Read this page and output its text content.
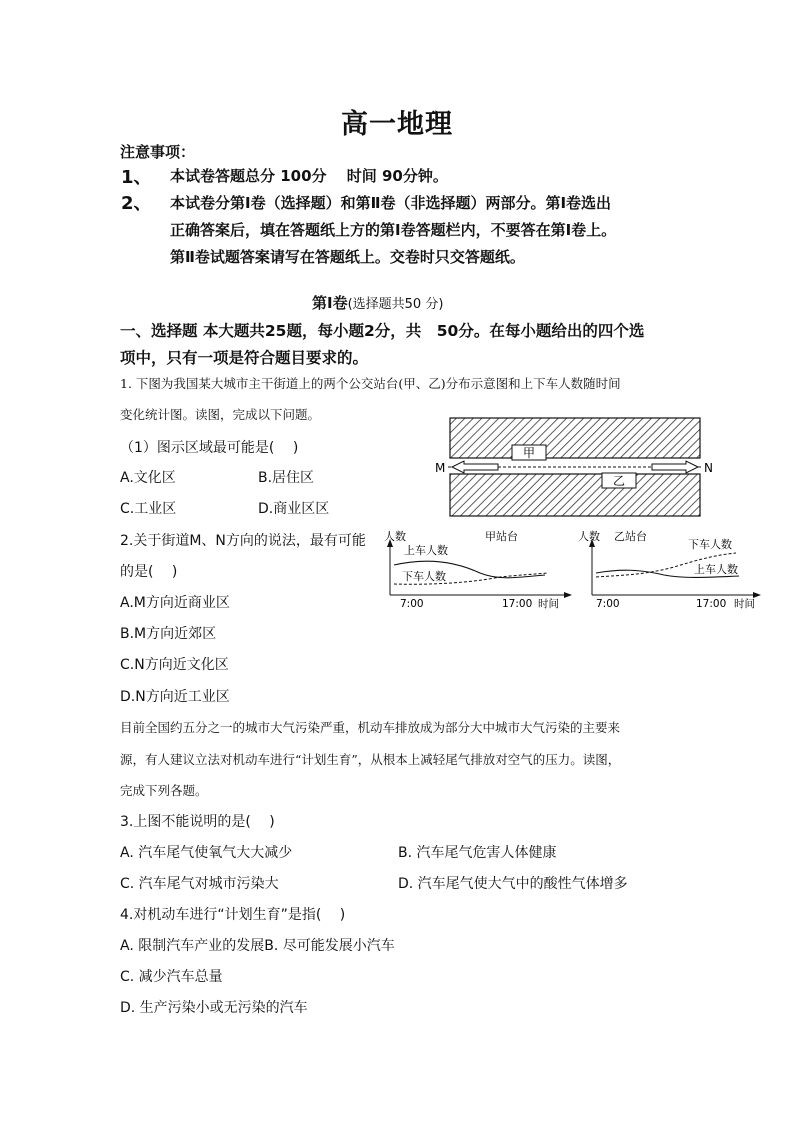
高一地理
注意事项：
1、 本试卷答题总分 100分　 时间 90分钟。
2、 本试卷分第Ⅰ卷（选择题）和第Ⅱ卷（非选择题）两部分。第Ⅰ卷选出
正确答案后，填在答题纸上方的第Ⅰ卷答题栏内，不要答在第Ⅰ卷上。
第Ⅱ卷试题答案请写在答题纸上。交卷时只交答题纸。
第Ⅰ卷(选择题共50 分)
一、选择题 本大题共25题，每小题2分，共　50分。在每小题给出的四个选
项中，只有一项是符合题目要求的。
1. 下图为我国某大城市主干街道上的两个公交站台(甲、乙)分布示意图和上下车人数随时间
变化统计图。读图，完成以下问题。
（1）图示区域最可能是(　 )
A.文化区	B.居住区
C.工业区	D.商业区区
2.关于街道M、N方向的说法，最有可能
的是(　 )
A.M方向近商业区
B.M方向近郊区
C.N方向近文化区
D.N方向近工业区
甲
乙
M	N
人数	甲站台
上车人数
下车人数
7:00	17:00 时间
人数 乙站台
下车人数
上车人数
7:00	17:00 时间
目前全国约五分之一的城市大气污染严重，机动车排放成为部分大中城市大气污染的主要来
源，有人建议立法对机动车进行“计划生育”，从根本上减轻尾气排放对空气的压力。读图，
完成下列各题。
3.上图不能说明的是(　 )
A. 汽车尾气使氧气大大减少	B. 汽车尾气危害人体健康
C. 汽车尾气对城市污染大	D. 汽车尾气使大气中的酸性气体增多
4.对机动车进行“计划生育”是指(　 )
A. 限制汽车产业的发展B. 尽可能发展小汽车
C. 减少汽车总量
D. 生产污染小或无污染的汽车
